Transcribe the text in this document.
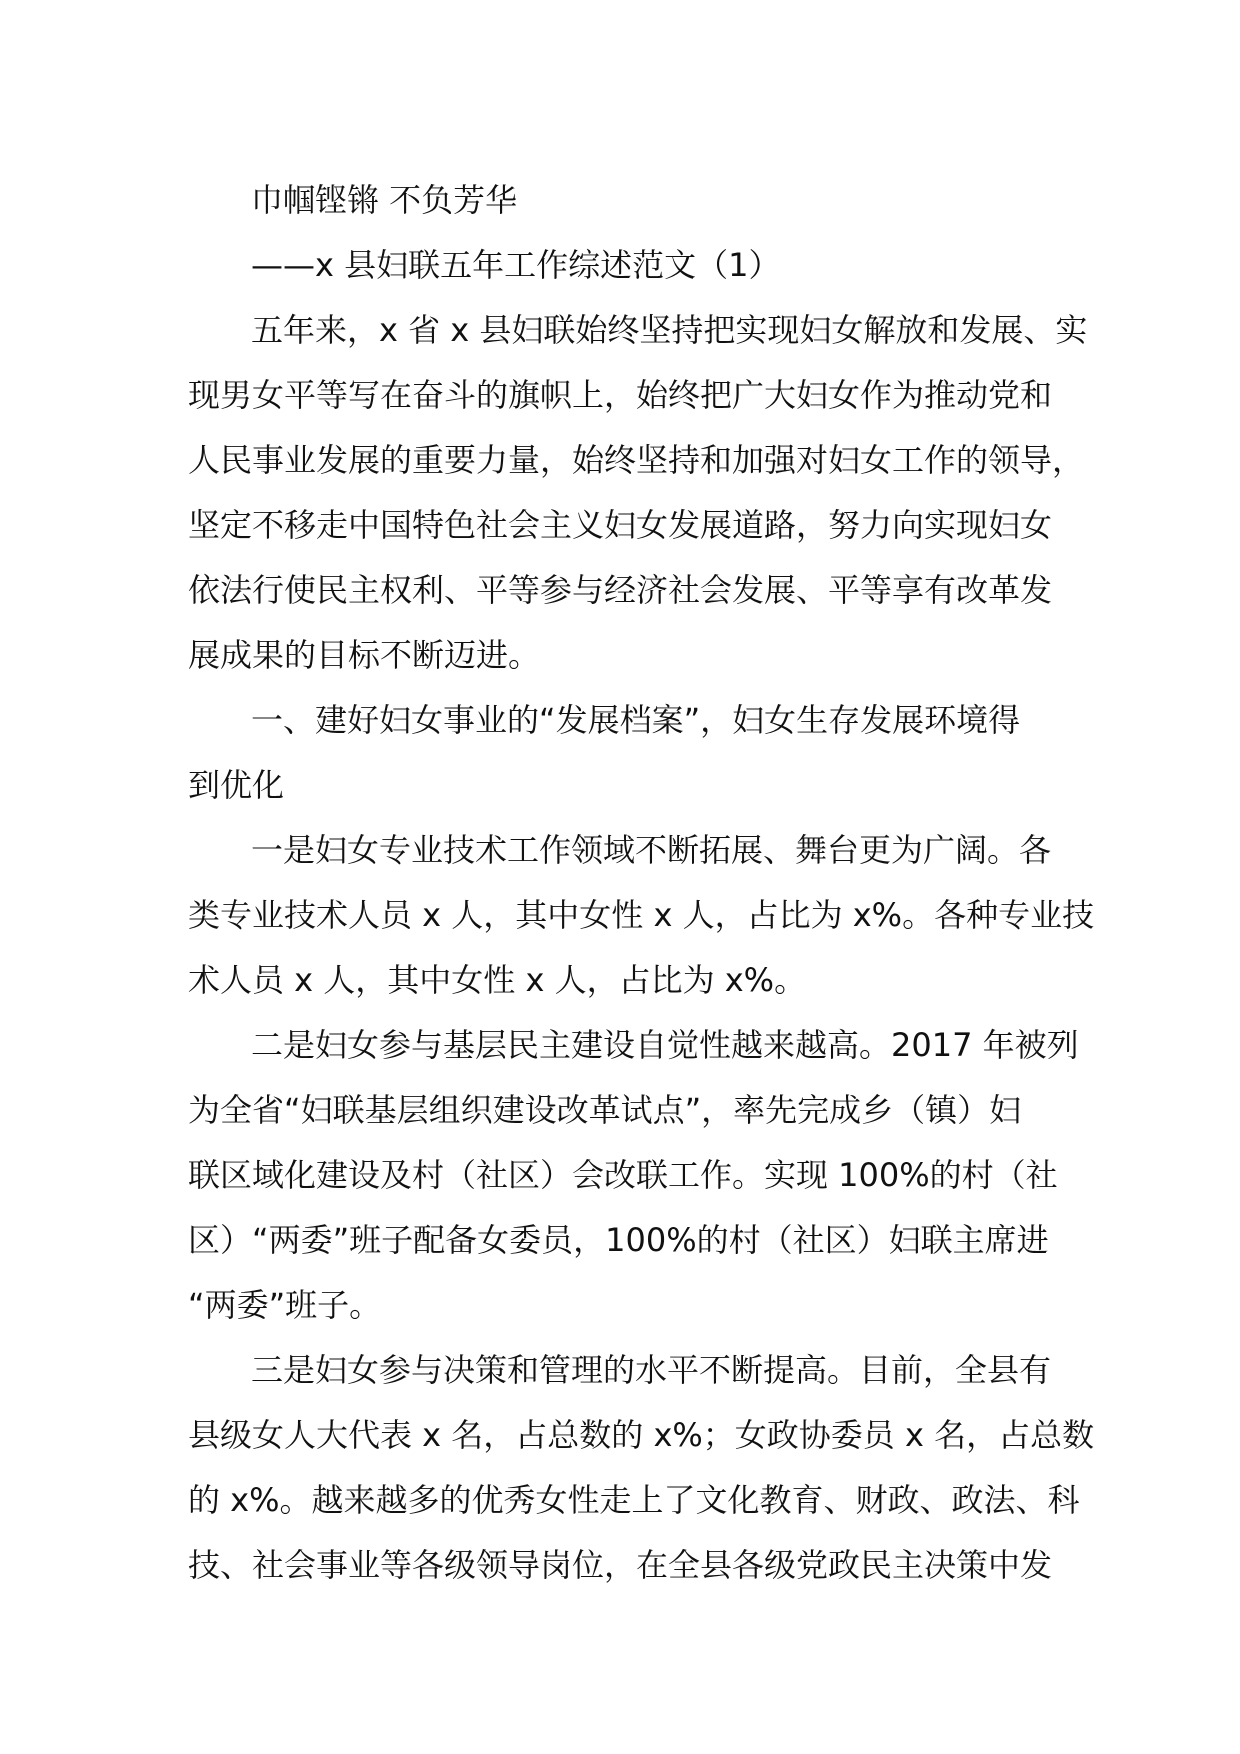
巾帼铿锵 不负芳华
——x 县妇联五年工作综述范文（1）
五年来，x 省 x 县妇联始终坚持把实现妇女解放和发展、实
现男女平等写在奋斗的旗帜上，始终把广大妇女作为推动党和
人民事业发展的重要力量，始终坚持和加强对妇女工作的领导，
坚定不移走中国特色社会主义妇女发展道路，努力向实现妇女
依法行使民主权利、平等参与经济社会发展、平等享有改革发
展成果的目标不断迈进。
一、建好妇女事业的“发展档案”，妇女生存发展环境得
到优化
一是妇女专业技术工作领域不断拓展、舞台更为广阔。各
类专业技术人员 x 人，其中女性 x 人，占比为 x%。各种专业技
术人员 x 人，其中女性 x 人，占比为 x%。
二是妇女参与基层民主建设自觉性越来越高。2017 年被列
为全省“妇联基层组织建设改革试点”，率先完成乡（镇）妇
联区域化建设及村（社区）会改联工作。实现 100%的村（社
区）“两委”班子配备女委员，100%的村（社区）妇联主席进
“两委”班子。
三是妇女参与决策和管理的水平不断提高。目前，全县有
县级女人大代表 x 名，占总数的 x%；女政协委员 x 名，占总数
的 x%。越来越多的优秀女性走上了文化教育、财政、政法、科
技、社会事业等各级领导岗位，在全县各级党政民主决策中发
